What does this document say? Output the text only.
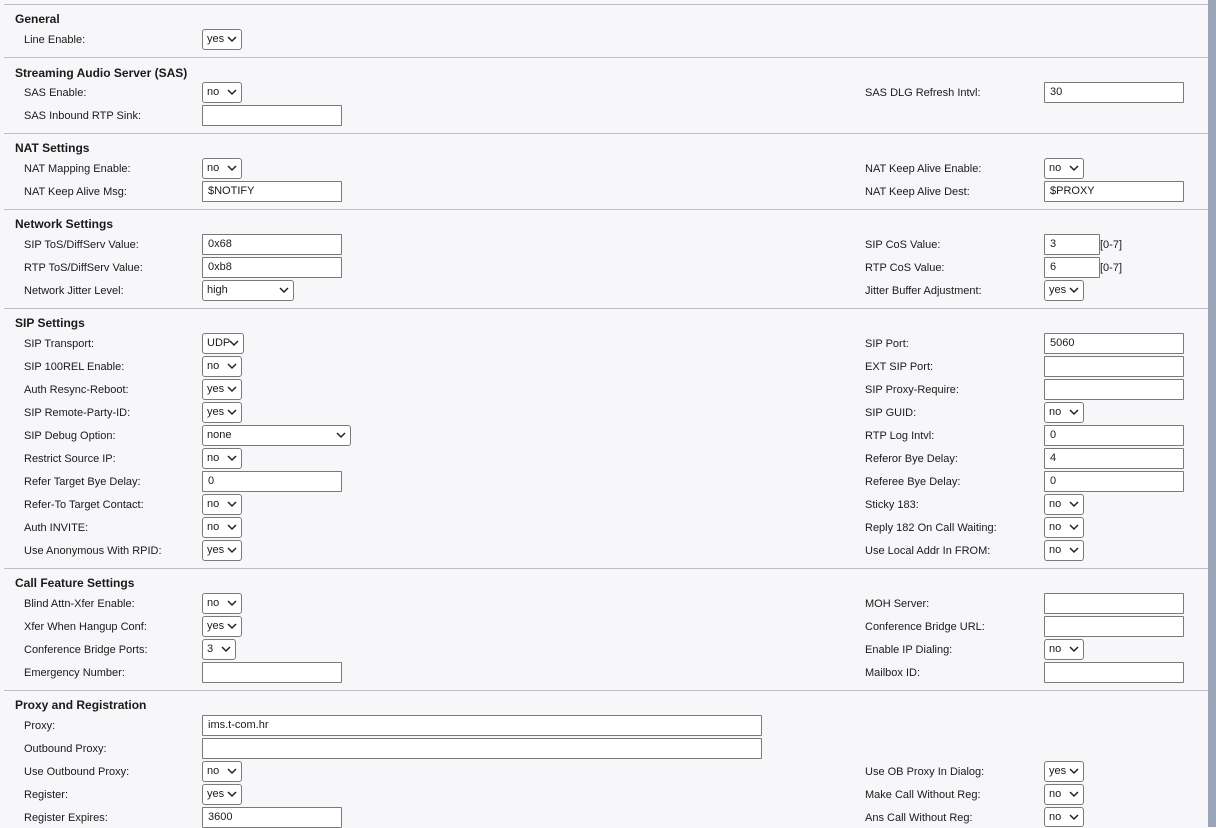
General
Line Enable:	yes
Streaming Audio Server (SAS)
SAS Enable:	no	SAS DLG Refresh Intvl:	30
SAS Inbound RTP Sink:
NAT Settings
NAT Mapping Enable:	no	NAT Keep Alive Enable:	no
NAT Keep Alive Msg:	$NOTIFY	NAT Keep Alive Dest:	$PROXY
Network Settings
SIP ToS/DiffServ Value:	0x68	SIP CoS Value:	3	[0-7]
RTP ToS/DiffServ Value:	0xb8	RTP CoS Value:	6	[0-7]
Network Jitter Level:	high	Jitter Buffer Adjustment:	yes
SIP Settings
SIP Transport:	UDP	SIP Port:	5060
SIP 100REL Enable:	no	EXT SIP Port:
Auth Resync-Reboot:	yes	SIP Proxy-Require:
SIP Remote-Party-ID:	yes	SIP GUID:	no
SIP Debug Option:	none	RTP Log Intvl:	0
Restrict Source IP:	no	Referor Bye Delay:	4
Refer Target Bye Delay:	0	Referee Bye Delay:	0
Refer-To Target Contact:	no	Sticky 183:	no
Auth INVITE:	no	Reply 182 On Call Waiting:	no
Use Anonymous With RPID:	yes	Use Local Addr In FROM:	no
Call Feature Settings
Blind Attn-Xfer Enable:	no	MOH Server:
Xfer When Hangup Conf:	yes	Conference Bridge URL:
Conference Bridge Ports:	3	Enable IP Dialing:	no
Emergency Number:	Mailbox ID:
Proxy and Registration
Proxy:	ims.t-com.hr
Outbound Proxy:
Use Outbound Proxy:	no	Use OB Proxy In Dialog:	yes
Register:	yes	Make Call Without Reg:	no
Register Expires:	3600	Ans Call Without Reg:	no
